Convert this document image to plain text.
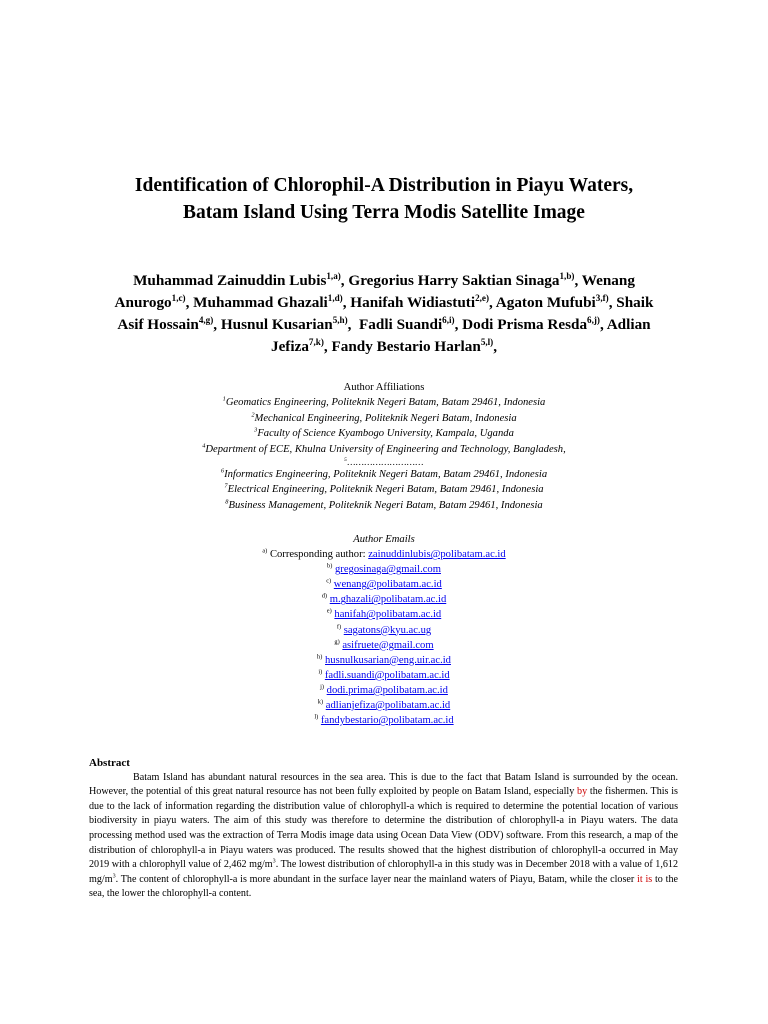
Identification of Chlorophil-A Distribution in Piayu Waters,
Batam Island Using Terra Modis Satellite Image
Muhammad Zainuddin Lubis$^{1,a)}$, Gregorius Harry Saktian Sinaga$^{1,b)}$, Wenang
Anurogo$^{1,c)}$, Muhammad Ghazali$^{1,d)}$, Hanifah Widiastuti$^{2,e)}$, Agaton Mufubi$^{3,f)}$, Shaik
Asif Hossain$^{4,g)}$, Husnul Kusarian$^{5,h)}$,  Fadli Suandi$^{6,i)}$, Dodi Prisma Resda$^{6,j)}$, Adlian
Jefiza$^{7,k)}$, Fandy Bestario Harlan$^{5,l)}$,
Author Affiliations
$^1$Geomatics Engineering, Politeknik Negeri Batam, Batam 29461, Indonesia
$^2$Mechanical Engineering, Politeknik Negeri Batam, Indonesia
$^3$Faculty of Science Kyambogo University, Kampala, Uganda
$^4$Department of ECE, Khulna University of Engineering and Technology, Bangladesh,
$^5$………………………
$^6$Informatics Engineering, Politeknik Negeri Batam, Batam 29461, Indonesia
$^7$Electrical Engineering, Politeknik Negeri Batam, Batam 29461, Indonesia
$^8$Business Management, Politeknik Negeri Batam, Batam 29461, Indonesia
Author Emails
$^{a)}$ Corresponding author: zainuddinlubis@polibatam.ac.id
$^{b)}$ gregosinaga@gmail.com
$^{c)}$ wenang@polibatam.ac.id
$^{d)}$ m.ghazali@polibatam.ac.id
$^{e)}$ hanifah@polibatam.ac.id
$^{f)}$ sagatons@kyu.ac.ug
$^{g)}$ asifruete@gmail.com
$^{h)}$ husnulkusarian@eng.uir.ac.id
$^{i)}$ fadli.suandi@polibatam.ac.id
$^{j)}$ dodi.prima@polibatam.ac.id
$^{k)}$ adlianjefiza@polibatam.ac.id
$^{l)}$ fandybestario@polibatam.ac.id
Abstract

Batam Island has abundant natural resources in the sea area. This is due to the fact that Batam Island is surrounded by the ocean. However, the potential of this great natural resource has not been fully exploited by people on Batam Island, especially by the fishermen. This is due to the lack of information regarding the distribution value of chlorophyll-a which is required to determine the potential location of various biodiversity in piayu waters. The aim of this study was therefore to determine the distribution of chlorophyll-a in Piayu waters. The data processing method used was the extraction of Terra Modis image data using Ocean Data View (ODV) software. From this research, a map of the distribution of chlorophyll-a in Piayu waters was produced. The results showed that the highest distribution of chlorophyll-a occurred in May 2019 with a chlorophyll value of 2,462 $mg/m^3$. The lowest distribution of chlorophyll-a in this study was in December 2018 with a value of 1,612 $mg/m^3$. The content of chlorophyll-a is more abundant in the surface layer near the mainland waters of Piayu, Batam, while the closer it is to the sea, the lower the chlorophyll-a content.
